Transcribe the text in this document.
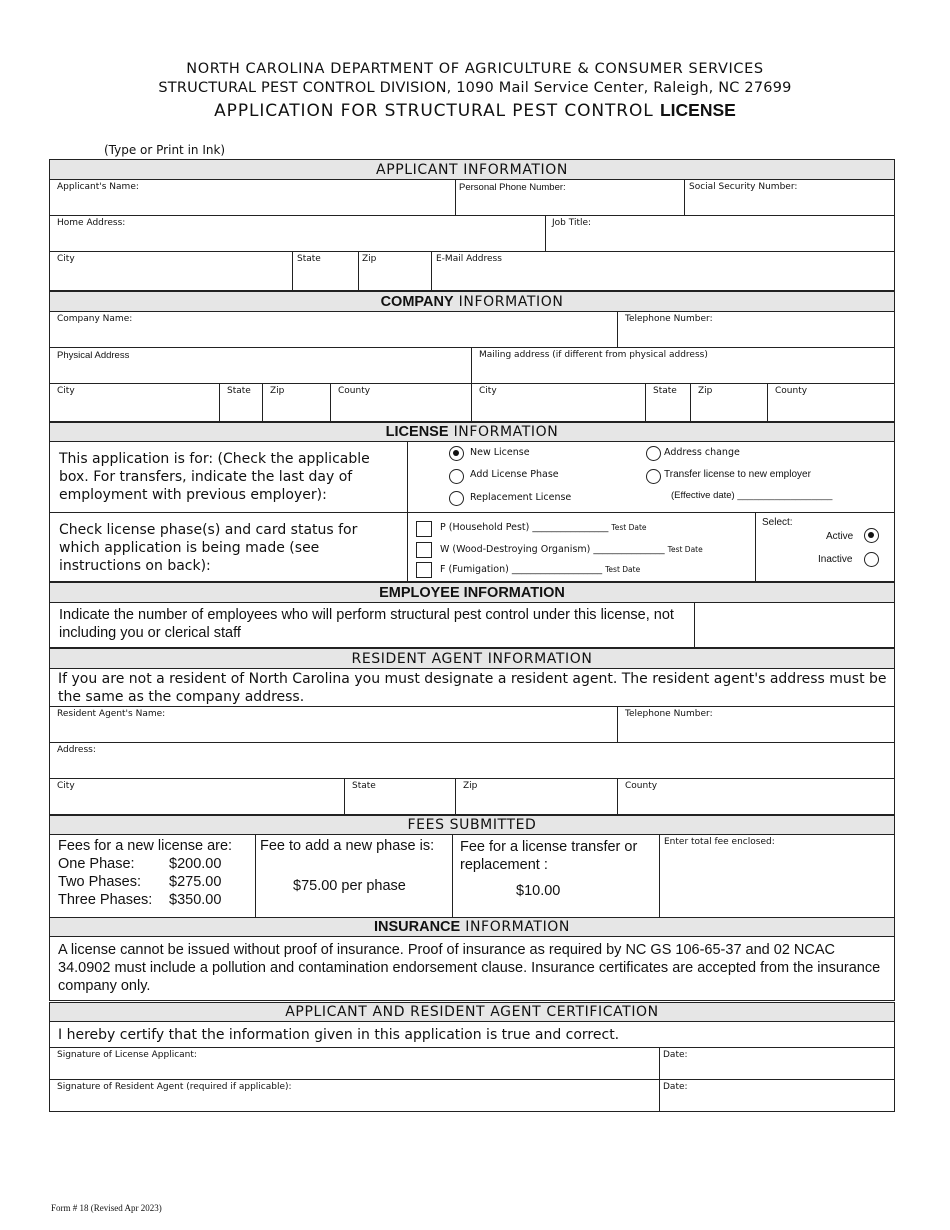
NORTH CAROLINA DEPARTMENT OF AGRICULTURE & CONSUMER SERVICES
STRUCTURAL PEST CONTROL DIVISION, 1090 Mail Service Center, Raleigh, NC 27699
APPLICATION FOR STRUCTURAL PEST CONTROL LICENSE
(Type or Print in Ink)
APPLICANT INFORMATION
Applicant's Name:	Personal Phone Number:	Social Security Number:
Home Address:	Job Title:
City	State	Zip	E-Mail Address
COMPANY INFORMATION
Company Name:	Telephone Number:
Physical Address	Mailing address (if different from physical address)
City	State Zip	County	City	State Zip	County
LICENSE INFORMATION
This application is for: (Check the applicable box. For transfers, indicate the last day of employment with previous employer):
New License
Add License Phase
Replacement License
Address change
Transfer license to new employer
(Effective date) __________________
Check license phase(s) and card status for which application is being made (see instructions on back):
P (Household Pest) ________________ Test Date
W (Wood-Destroying Organism) _______________ Test Date
F (Fumigation) ___________________ Test Date
Select:
Active
Inactive
EMPLOYEE INFORMATION
Indicate the number of employees who will perform structural pest control under this license, not including you or clerical staff
RESIDENT AGENT INFORMATION
If you are not a resident of North Carolina you must designate a resident agent. The resident agent's address must be the same as the company address.
Resident Agent's Name:	Telephone Number:
Address:
City	State	Zip	County
FEES SUBMITTED
Fees for a new license are:
One Phase: $200.00
Two Phases: $275.00
Three Phases: $350.00
Fee to add a new phase is:
$75.00 per phase
Fee for a license transfer or replacement :
$10.00
Enter total fee enclosed:
INSURANCE INFORMATION
A license cannot be issued without proof of insurance. Proof of insurance as required by NC GS 106-65-37 and 02 NCAC 34.0902 must include a pollution and contamination endorsement clause. Insurance certificates are accepted from the insurance company only.
APPLICANT AND RESIDENT AGENT CERTIFICATION
I hereby certify that the information given in this application is true and correct.
Signature of License Applicant:	Date:
Signature of Resident Agent (required if applicable):	Date:
Form # 18 (Revised Apr 2023)
